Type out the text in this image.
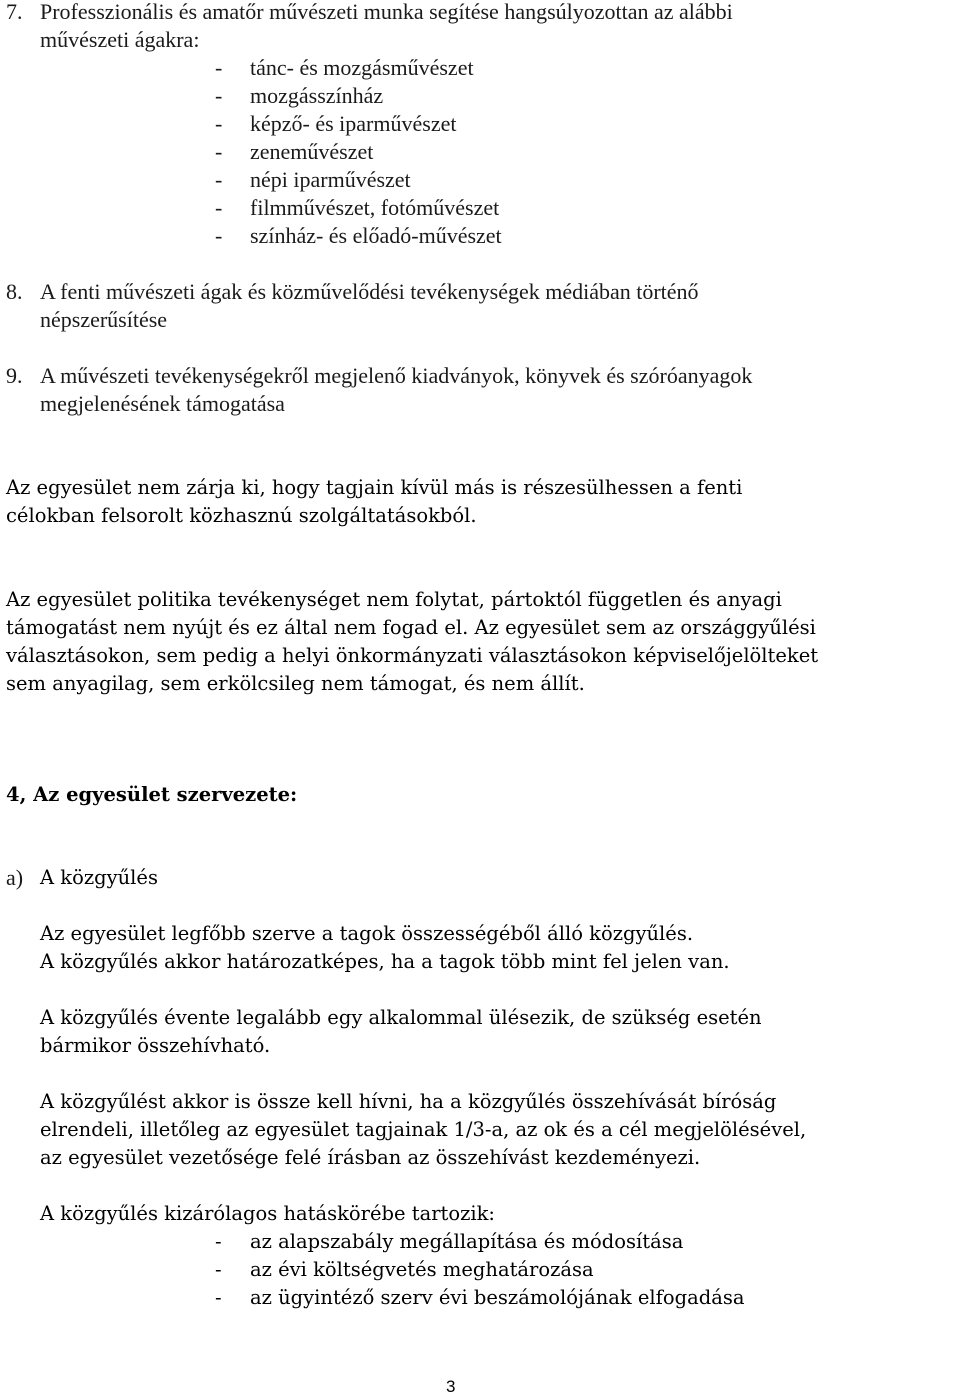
7. Professzionális és amatőr művészeti munka segítése hangsúlyozottan az alábbi
művészeti ágakra:
- tánc- és mozgásművészet
- mozgásszínház
- képző- és iparművészet
- zeneművészet
- népi iparművészet
- filmművészet, fotóművészet
- színház- és előadó-művészet
8. A fenti művészeti ágak és közművelődési tevékenységek médiában történő
népszerűsítése
9. A művészeti tevékenységekről megjelenő kiadványok, könyvek és szóróanyagok
megjelenésének támogatása
Az egyesület nem zárja ki, hogy tagjain kívül más is részesülhessen a fenti
célokban felsorolt közhasznú szolgáltatásokból.
Az egyesület politika tevékenységet nem folytat, pártoktól független és anyagi
támogatást nem nyújt és ez által nem fogad el. Az egyesület sem az országgyűlési
választásokon, sem pedig a helyi önkormányzati választásokon képviselőjelölteket
sem anyagilag, sem erkölcsileg nem támogat, és nem állít.
4, Az egyesület szervezete:
a) A közgyűlés
Az egyesület legfőbb szerve a tagok összességéből álló közgyűlés.
A közgyűlés akkor határozatképes, ha a tagok több mint fel jelen van.
A közgyűlés évente legalább egy alkalommal ülésezik, de szükség esetén
bármikor összehívható.
A közgyűlést akkor is össze kell hívni, ha a közgyűlés összehívását bíróság
elrendeli, illetőleg az egyesület tagjainak 1/3-a, az ok és a cél megjelölésével,
az egyesület vezetősége felé írásban az összehívást kezdeményezi.
A közgyűlés kizárólagos hatáskörébe tartozik:
- az alapszabály megállapítása és módosítása
- az évi költségvetés meghatározása
- az ügyintéző szerv évi beszámolójának elfogadása
3
